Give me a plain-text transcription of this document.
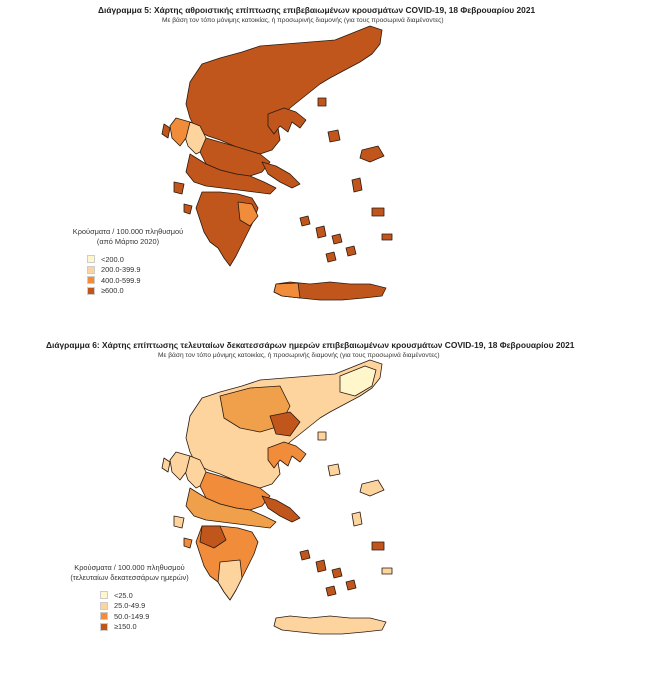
Διάγραμμα 5: Χάρτης αθροιστικής επίπτωσης επιβεβαιωμένων κρουσμάτων COVID-19, 18 Φεβρουαρίου 2021
Με βάση τον τόπο μόνιμης κατοικίας, ή προσωρινής διαμονής (για τους προσωρινά διαμένοντες)
Κρούσματα / 100.000 πληθυσμού
(από Μάρτιο 2020)
<200.0
200.0-399.9
400.0-599.9
≥600.0
Διάγραμμα 6: Χάρτης επίπτωσης τελευταίων δεκατεσσάρων ημερών επιβεβαιωμένων κρουσμάτων COVID-19, 18 Φεβρουαρίου 2021
Με βάση τον τόπο μόνιμης κατοικίας, ή προσωρινής διαμονής (για τους προσωρινά διαμένοντες)
Κρούσματα / 100.000 πληθυσμού
(τελευταίων δεκατεσσάρων ημερών)
<25.0
25.0-49.9
50.0-149.9
≥150.0
